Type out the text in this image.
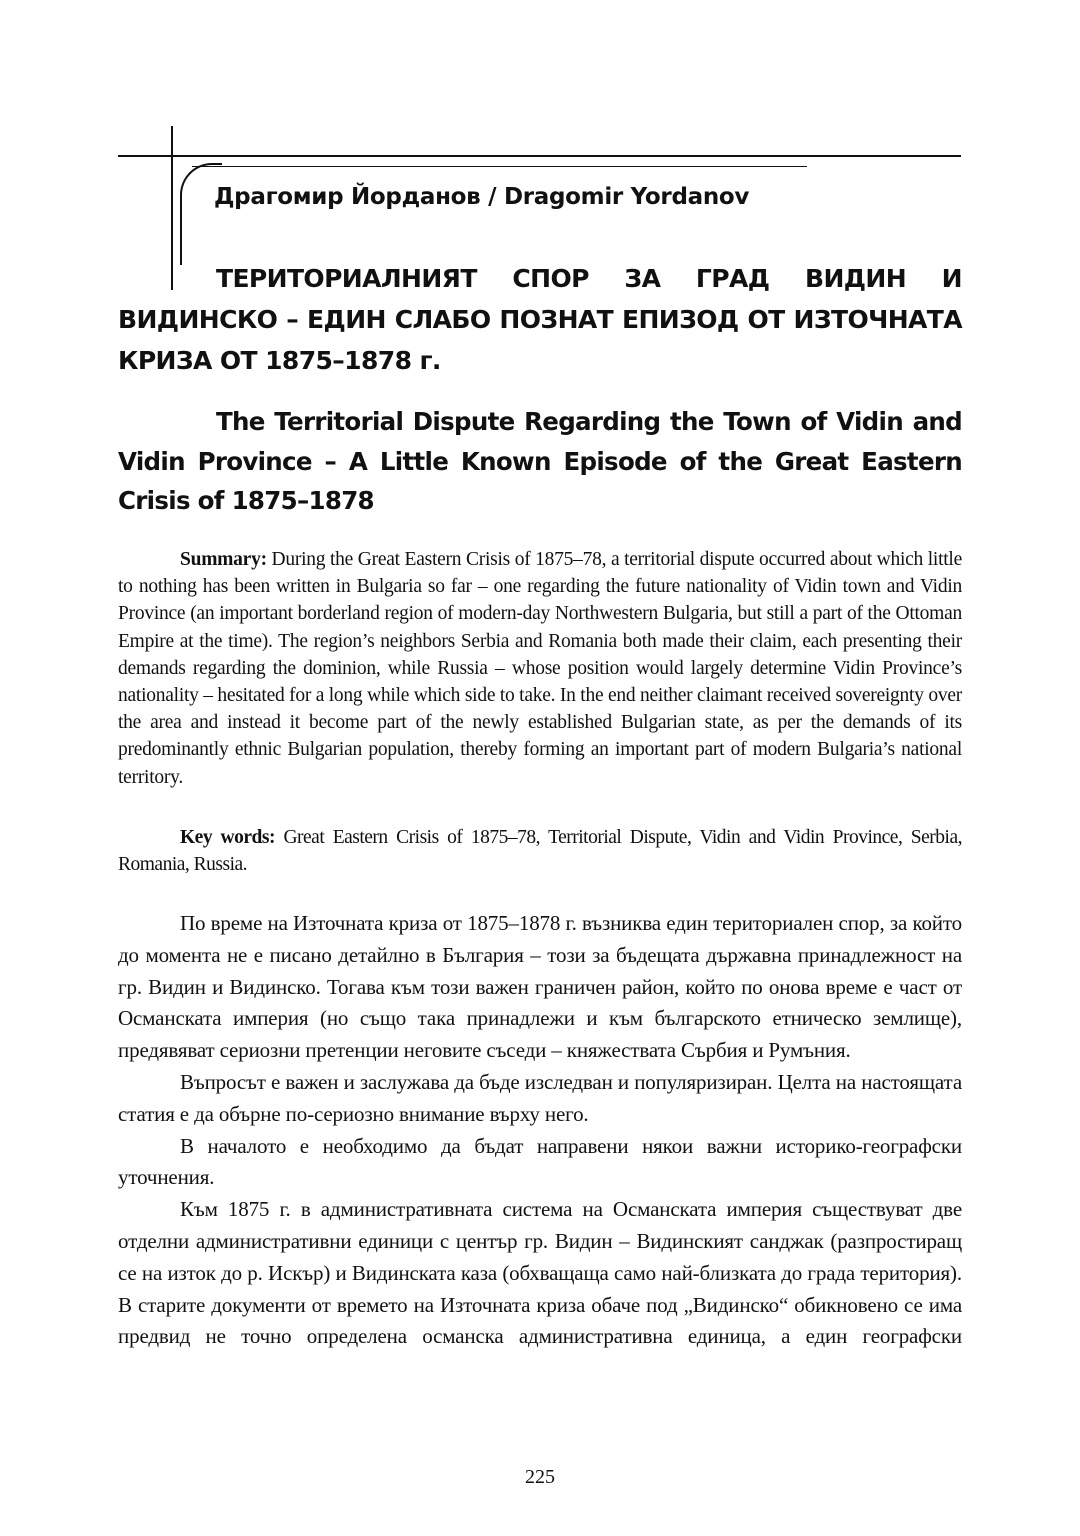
Драгомир Йорданов / Dragomir Yordanov
ТЕРИТОРИАЛНИЯТ СПОР ЗА ГРАД ВИДИН И ВИДИНСКО – ЕДИН СЛАБО ПОЗНАТ ЕПИЗОД ОТ ИЗТОЧНАТА КРИЗА ОТ 1875–1878 г.
The Territorial Dispute Regarding the Town of Vidin and Vidin Province – A Little Known Episode of the Great Eastern Crisis of 1875–1878

Summary: During the Great Eastern Crisis of 1875–78, a territorial dispute occurred about which little to nothing has been written in Bulgaria so far – one regarding the future nationality of Vidin town and Vidin Province (an important borderland region of modern-day Northwestern Bulgaria, but still a part of the Ottoman Empire at the time). The region’s neighbors Serbia and Romania both made their claim, each presenting their demands regarding the dominion, while Russia – whose position would largely determine Vidin Province’s nationality – hesitated for a long while which side to take. In the end neither claimant received sovereignty over the area and instead it become part of the newly established Bulgarian state, as per the demands of its predominantly ethnic Bulgarian population, thereby forming an important part of modern Bulgaria’s national territory.

Key words: Great Eastern Crisis of 1875–78, Territorial Dispute, Vidin and Vidin Province, Serbia, Romania, Russia.

По време на Източната криза от 1875–1878 г. възниква един териториален спор, за който до момента не е писано детайлно в България – този за бъдещата държавна принадлежност на гр. Видин и Видинско. Тогава към този важен граничен район, който по онова време е част от Османската империя (но също така принадлежи и към българското етническо землище), предявяват сериозни претенции неговите съседи – княжествата Сърбия и Румъния.

Въпросът е важен и заслужава да бъде изследван и популяризиран. Целта на настоящата статия е да обърне по-сериозно внимание върху него.

В началото е необходимо да бъдат направени някои важни историко-географски уточнения.

Към 1875 г. в административната система на Османската империя съществуват две отделни административни единици с център гр. Видин – Видинският санджак (разпростиращ се на изток до р. Искър) и Видинската каза (обхващаща само най-близката до града територия). В старите документи от времето на Източната криза обаче под „Видинско“ обикновено се има предвид не точно определена османска административна единица, а един географски

225
